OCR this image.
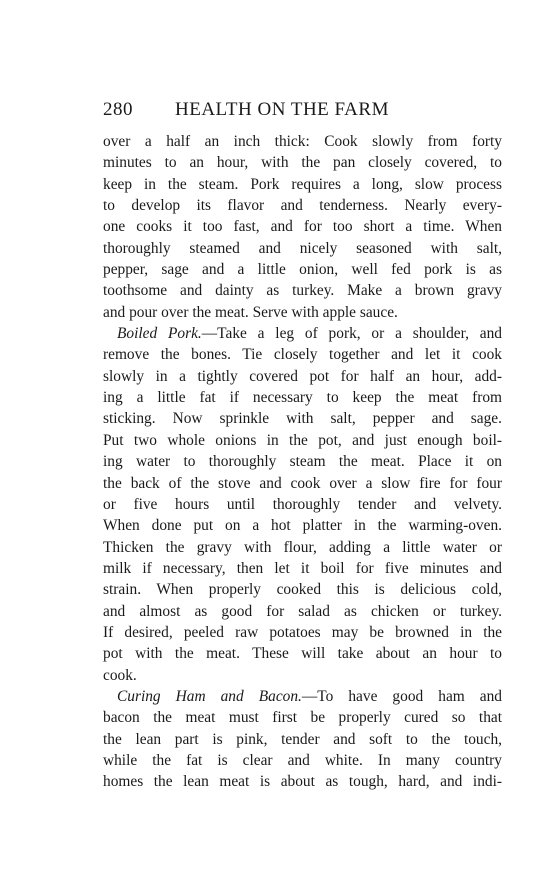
280 HEALTH ON THE FARM
over a half an inch thick: Cook slowly from forty
minutes to an hour, with the pan closely covered, to
keep in the steam. Pork requires a long, slow process
to develop its flavor and tenderness. Nearly every-
one cooks it too fast, and for too short a time. When
thoroughly steamed and nicely seasoned with salt,
pepper, sage and a little onion, well fed pork is as
toothsome and dainty as turkey. Make a brown gravy
and pour over the meat. Serve with apple sauce.
Boiled Pork.—Take a leg of pork, or a shoulder, and
remove the bones. Tie closely together and let it cook
slowly in a tightly covered pot for half an hour, add-
ing a little fat if necessary to keep the meat from
sticking. Now sprinkle with salt, pepper and sage.
Put two whole onions in the pot, and just enough boil-
ing water to thoroughly steam the meat. Place it on
the back of the stove and cook over a slow fire for four
or five hours until thoroughly tender and velvety.
When done put on a hot platter in the warming-oven.
Thicken the gravy with flour, adding a little water or
milk if necessary, then let it boil for five minutes and
strain. When properly cooked this is delicious cold,
and almost as good for salad as chicken or turkey.
If desired, peeled raw potatoes may be browned in the
pot with the meat. These will take about an hour to
cook.
Curing Ham and Bacon.—To have good ham and
bacon the meat must first be properly cured so that
the lean part is pink, tender and soft to the touch,
while the fat is clear and white. In many country
homes the lean meat is about as tough, hard, and indi-
